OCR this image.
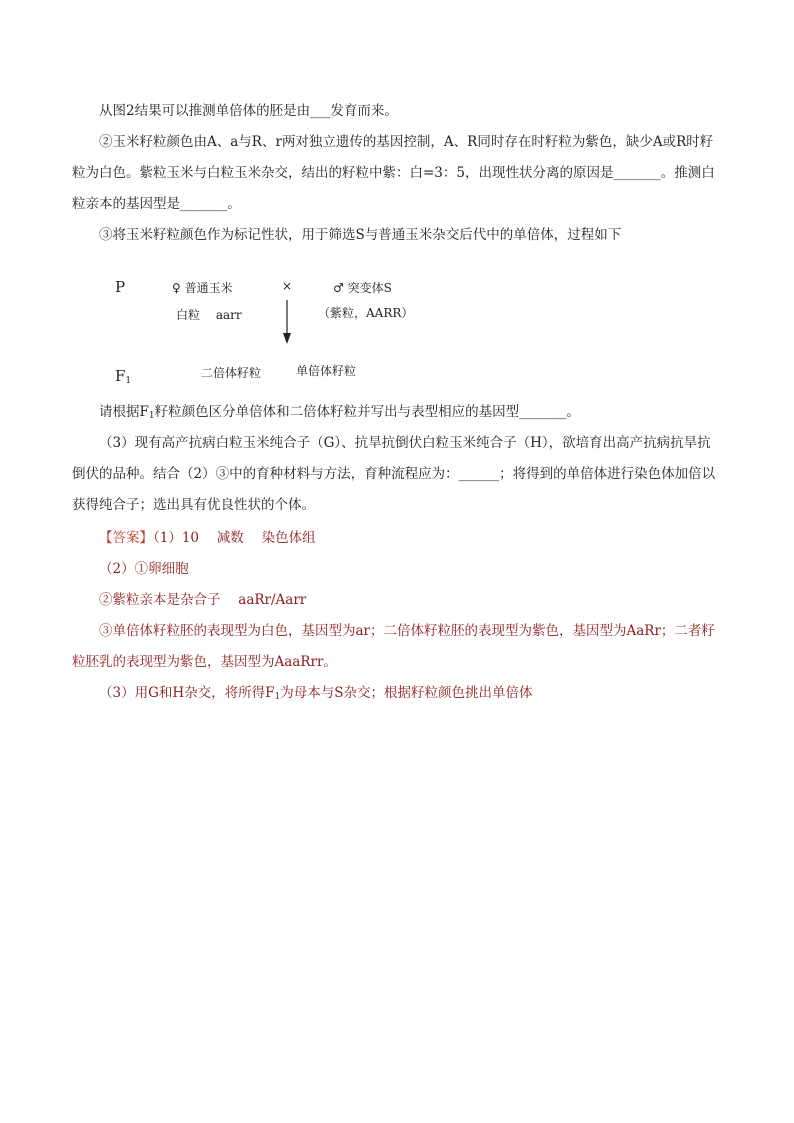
从图2结果可以推测单倍体的胚是由___发育而来。

②玉米籽粒颜色由A、a与R、r两对独立遗传的基因控制，A、R同时存在时籽粒为紫色，缺少A或R时籽粒为白色。紫粒玉米与白粒玉米杂交，结出的籽粒中紫：白=3：5，出现性状分离的原因是_______。推测白粒亲本的基因型是_______。

③将玉米籽粒颜色作为标记性状，用于筛选S与普通玉米杂交后代中的单倍体，过程如下

P	♀ 普通玉米	×	♂ 突变体S
白粒　 aarr	（紫粒，AARR）
$F_1$
二倍体籽粒	单倍体籽粒

请根据$F_1$籽粒颜色区分单倍体和二倍体籽粒并写出与表型相应的基因型_______。

（3）现有高产抗病白粒玉米纯合子（G）、抗旱抗倒伏白粒玉米纯合子（H），欲培育出高产抗病抗旱抗倒伏的品种。结合（2）③中的育种材料与方法，育种流程应为：______；将得到的单倍体进行染色体加倍以获得纯合子；选出具有优良性状的个体。

【答案】（1）10　 减数　 染色体组

（2）①卵细胞

②紫粒亲本是杂合子　 aaRr/Aarr

③单倍体籽粒胚的表现型为白色，基因型为ar；二倍体籽粒胚的表现型为紫色，基因型为AaRr；二者籽粒胚乳的表现型为紫色，基因型为AaaRrr。

（3）用G和H杂交，将所得$F_1$为母本与S杂交；根据籽粒颜色挑出单倍体
